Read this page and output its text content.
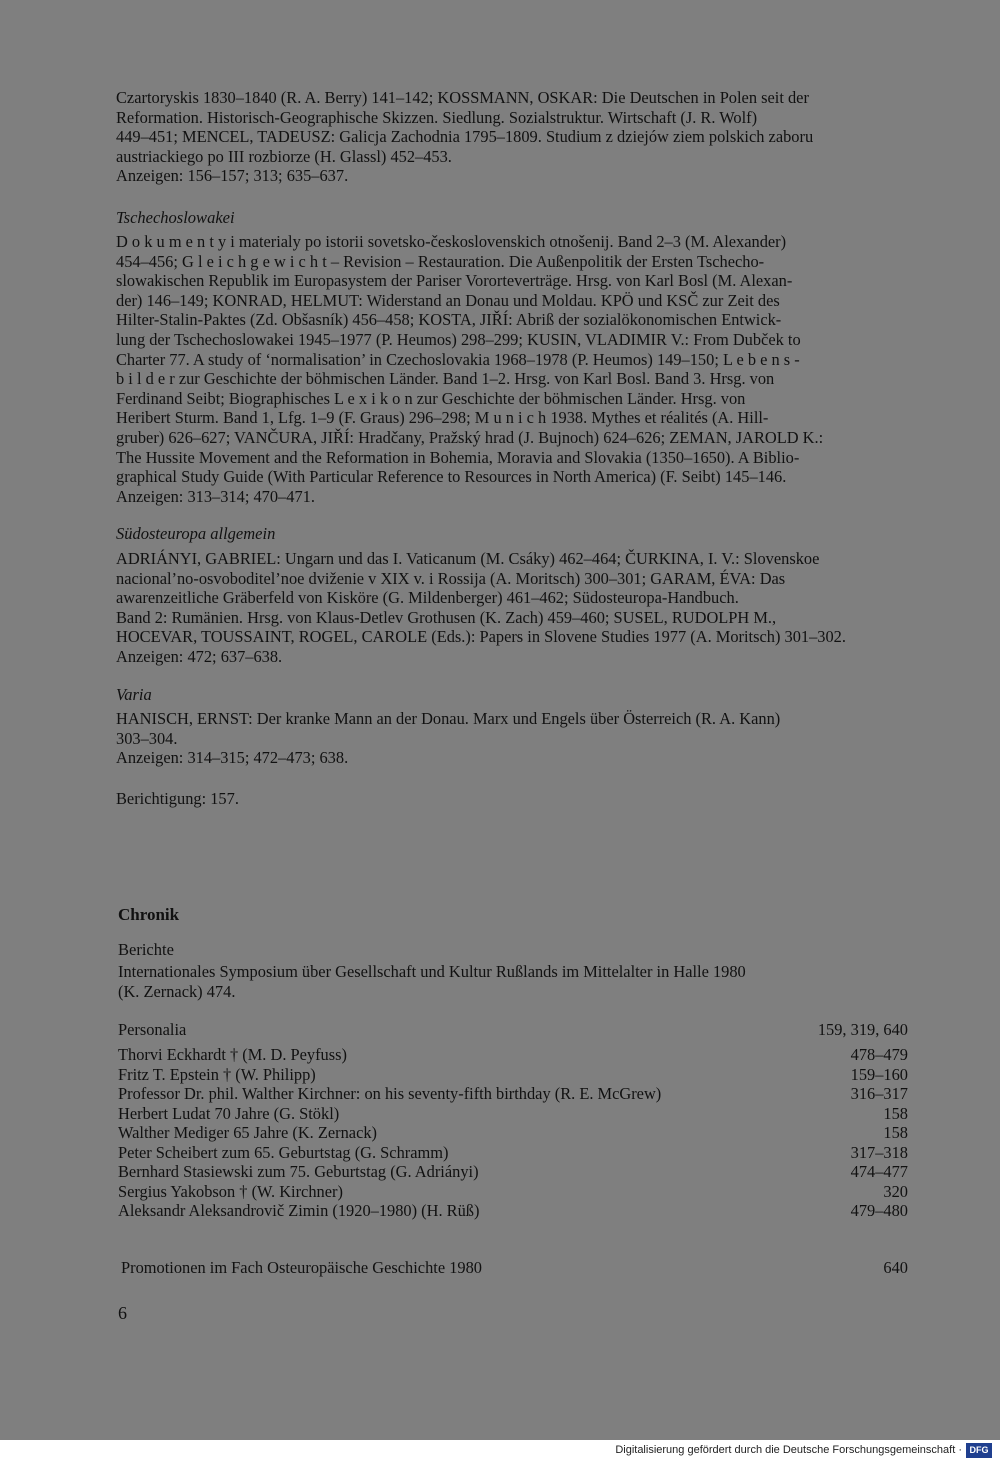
Czartoryskis 1830–1840 (R. A. Berry) 141–142; KOSSMANN, OSKAR: Die Deutschen in Polen seit der
Reformation. Historisch-Geographische Skizzen. Siedlung. Sozialstruktur. Wirtschaft (J. R. Wolf)
449–451; MENCEL, TADEUSZ: Galicja Zachodnia 1795–1809. Studium z dziejów ziem polskich zaboru
austriackiego po III rozbiorze (H. Glassl) 452–453.

Anzeigen: 156–157; 313; 635–637.

Tschechoslowakei

D o k u m e n t y i materialy po istorii sovetsko-československich otnošenij. Band 2–3 (M. Alexander)
454–456; G l e i c h g e w i c h t – Revision – Restauration. Die Außenpolitik der Ersten Tschecho-
slowakischen Republik im Europasystem der Pariser Vororteverträge. Hrsg. von Karl Bosl (M. Alexan-
der) 146–149; KONRAD, HELMUT: Widerstand an Donau und Moldau. KPÖ und KSČ zur Zeit des
Hilter-Stalin-Paktes (Zd. Obšasník) 456–458; KOSTA, JIŘÍ: Abriß der sozialökonomischen Entwick-
lung der Tschechoslowakei 1945–1977 (P. Heumos) 298–299; KUSIN, VLADIMIR V.: From Dubček to
Charter 77. A study of ‘normalisation’ in Czechoslovakia 1968–1978 (P. Heumos) 149–150; L e b e n s -
b i l d e r zur Geschichte der böhmischen Länder. Band 1–2. Hrsg. von Karl Bosl. Band 3. Hrsg. von
Ferdinand Seibt; Biographisches L e x i k o n zur Geschichte der böhmischen Länder. Hrsg. von
Heribert Sturm. Band 1, Lfg. 1–9 (F. Graus) 296–298; M u n i c h 1938. Mythes et réalités (A. Hill-
gruber) 626–627; VANČURA, JIŘÍ: Hradčany, Pražský hrad (J. Bujnoch) 624–626; ZEMAN, JAROLD K.:
The Hussite Movement and the Reformation in Bohemia, Moravia and Slovakia (1350–1650). A Biblio-
graphical Study Guide (With Particular Reference to Resources in North America) (F. Seibt) 145–146.

Anzeigen: 313–314; 470–471.

Südosteuropa allgemein

ADRIÁNYI, GABRIEL: Ungarn und das I. Vaticanum (M. Csáky) 462–464; ČURKINA, I. V.: Slovenskoe
nacional’no-osvoboditel’noe dviženie v XIX v. i Rossija (A. Moritsch) 300–301; GARAM, ÉVA: Das
awarenzeitliche Gräberfeld von Kisköre (G. Mildenberger) 461–462; Südosteuropa-Handbuch.
Band 2: Rumänien. Hrsg. von Klaus-Detlev Grothusen (K. Zach) 459–460; SUSEL, RUDOLPH M.,
HOCEVAR, TOUSSAINT, ROGEL, CAROLE (Eds.): Papers in Slovene Studies 1977 (A. Moritsch) 301–302.

Anzeigen: 472; 637–638.

Varia

HANISCH, ERNST: Der kranke Mann an der Donau. Marx und Engels über Österreich (R. A. Kann)
303–304.

Anzeigen: 314–315; 472–473; 638.

Berichtigung: 157.

Chronik
Berichte

Internationales Symposium über Gesellschaft und Kultur Rußlands im Mittelalter in Halle 1980
(K. Zernack) 474.

Personalia	159, 319, 640
Thorvi Eckhardt † (M. D. Peyfuss)	478–479
Fritz T. Epstein † (W. Philipp)	159–160
Professor Dr. phil. Walther Kirchner: on his seventy-fifth birthday (R. E. McGrew)	316–317
Herbert Ludat 70 Jahre (G. Stökl)	158
Walther Mediger 65 Jahre (K. Zernack)	158
Peter Scheibert zum 65. Geburtstag (G. Schramm)	317–318
Bernhard Stasiewski zum 75. Geburtstag (G. Adriányi)	474–477
Sergius Yakobson † (W. Kirchner)	320
Aleksandr Aleksandrovič Zimin (1920–1980) (H. Rüß)	479–480
Promotionen im Fach Osteuropäische Geschichte 1980	640
6
Digitalisierung gefördert durch die Deutsche Forschungsgemeinschaft · DFG
